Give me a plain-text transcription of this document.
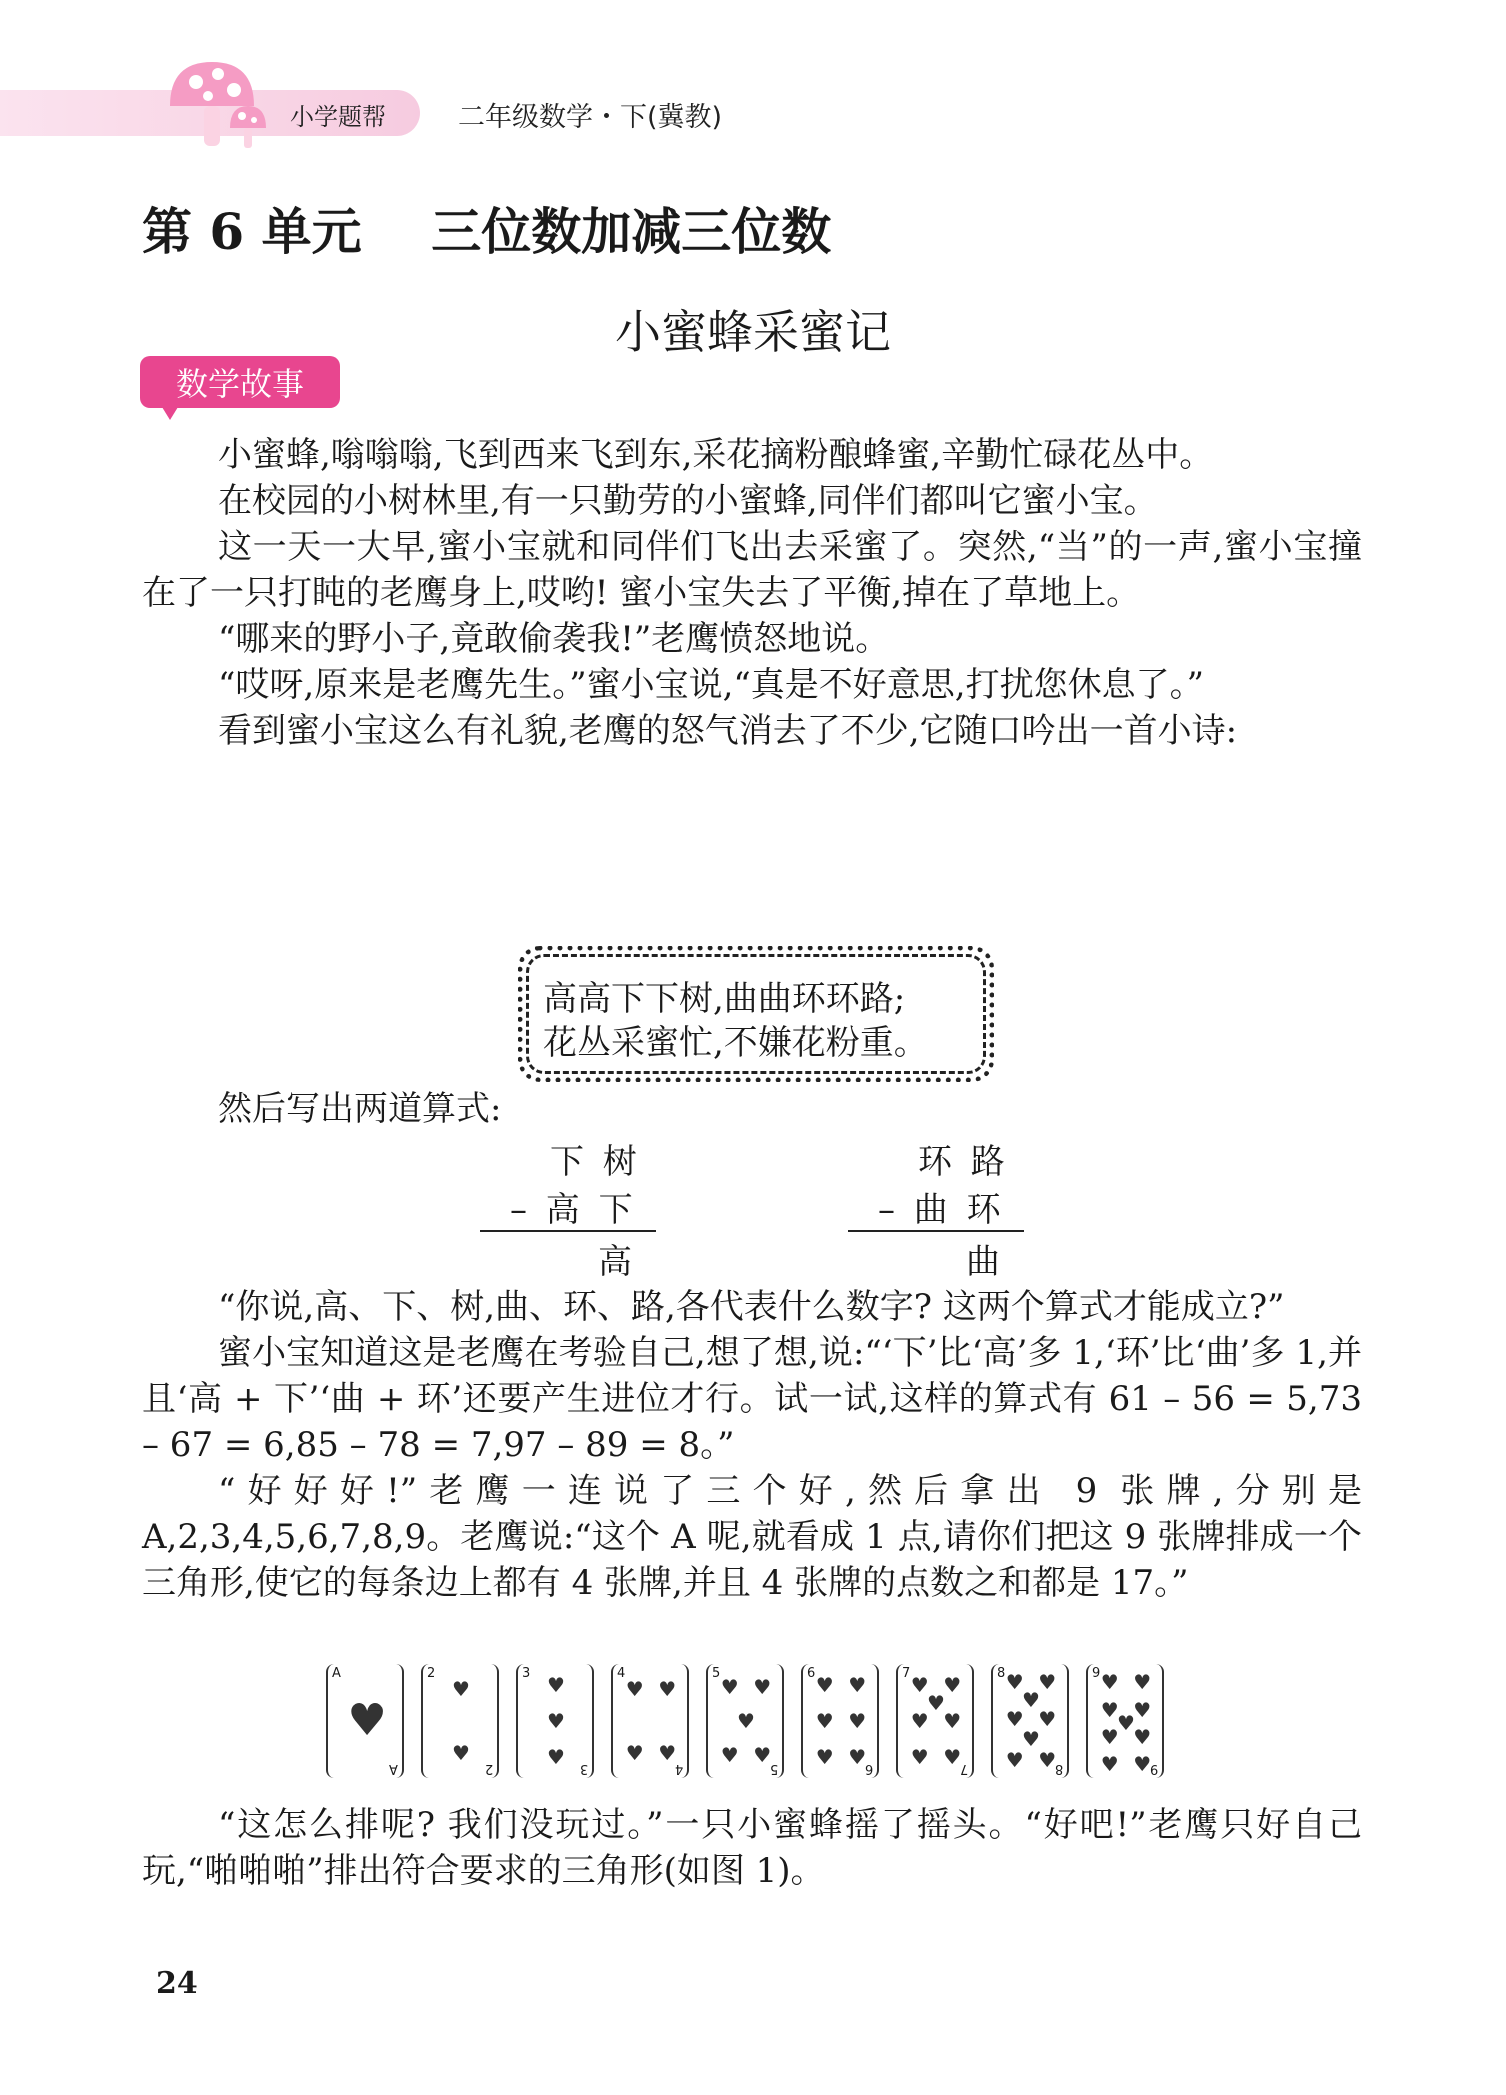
小学题帮	二年级数学・下(冀教)
第 6 单元    三位数加减三位数
小蜜蜂采蜜记
数学故事

小蜜蜂,嗡嗡嗡,飞到西来飞到东,采花摘粉酿蜂蜜,辛勤忙碌花丛中。

在校园的小树林里,有一只勤劳的小蜜蜂,同伴们都叫它蜜小宝。

这一天一大早,蜜小宝就和同伴们飞出去采蜜了。突然,“当”的一声,蜜小宝撞在了一只打盹的老鹰身上,哎哟! 蜜小宝失去了平衡,掉在了草地上。

“哪来的野小子,竟敢偷袭我!”老鹰愤怒地说。

“哎呀,原来是老鹰先生。”蜜小宝说,“真是不好意思,打扰您休息了。”

看到蜜小宝这么有礼貌,老鹰的怒气消去了不少,它随口吟出一首小诗:

高高下下树,曲曲环环路;
花丛采蜜忙,不嫌花粉重。

然后写出两道算式:

下 树
– 高 下
高
环 路
– 曲 环
曲

“你说,高、下、树,曲、环、路,各代表什么数字? 这两个算式才能成立?”

蜜小宝知道这是老鹰在考验自己,想了想,说:“‘下’比‘高’多 1,‘环’比‘曲’多 1,并且‘高 + 下’‘曲 + 环’还要产生进位才行。试一试,这样的算式有 61 – 56 = 5,73 – 67 = 6,85 – 78 = 7,97 – 89 = 8。”

“好好好!”老鹰一连说了三个好,然后拿出 9 张牌,分别是 A,2,3,4,5,6,7,8,9。老鹰说:“这个 A 呢,就看成 1 点,请你们把这 9 张牌排成一个三角形,使它的每条边上都有 4 张牌,并且 4 张牌的点数之和都是 17。”

A
A
♥
2
2
♥
♥
3
3
♥
♥
♥
4
4
♥ ♥
♥ ♥
5
5
♥ ♥
♥
♥ ♥
6
6
♥ ♥
♥ ♥
♥ ♥
7
7
♥ ♥
♥
♥ ♥
♥ ♥
8
8
♥ ♥
♥
♥ ♥
♥
♥ ♥
9
9
♥ ♥
♥ ♥
♥
♥ ♥
♥ ♥

“这怎么排呢? 我们没玩过。”一只小蜜蜂摇了摇头。“好吧!”老鹰只好自己玩,“啪啪啪”排出符合要求的三角形(如图 1)。

24
